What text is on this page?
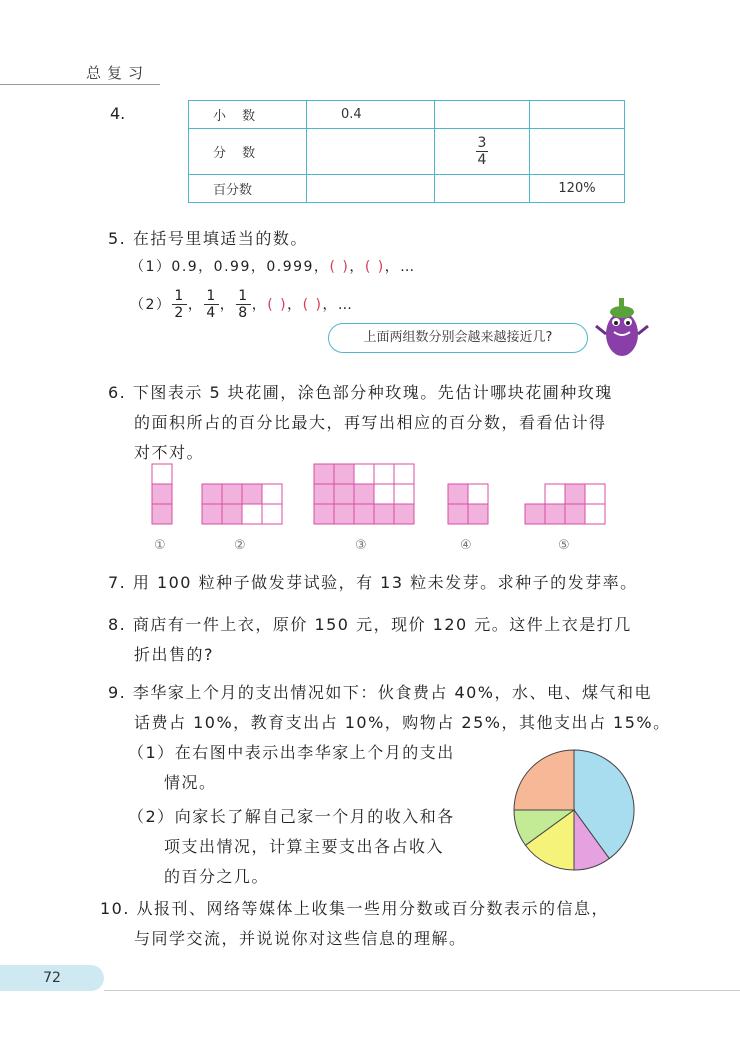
总复习
4.	小 数	0.4		
分 数		$\frac{3}{4}$

百分数			120%
5. 在括号里填适当的数。
（1）0.9，0.99，0.999，( )，( )，…
$(2) \frac{1}{2}$ ， $\frac{1}{4}$ ， $\frac{1}{8}$ ， ( ) ， ( ) ，…
上面两组数分别会越来越接近几?
6. 下图表示 5 块花圃，涂色部分种玫瑰。先估计哪块花圃种玫瑰
的面积所占的百分比最大，再写出相应的百分数，看看估计得
对不对。
①	②	③	④	⑤
7. 用 100 粒种子做发芽试验，有 13 粒未发芽。求种子的发芽率。
8. 商店有一件上衣，原价 150 元，现价 120 元。这件上衣是打几
折出售的?
9. 李华家上个月的支出情况如下：伙食费占 40%，水、电、煤气和电
话费占 10%，教育支出占 10%，购物占 25%，其他支出占 15%。
（1）在右图中表示出李华家上个月的支出
情况。
（2）向家长了解自己家一个月的收入和各
项支出情况，计算主要支出各占收入
的百分之几。
10. 从报刊、网络等媒体上收集一些用分数或百分数表示的信息，
与同学交流，并说说你对这些信息的理解。
72
